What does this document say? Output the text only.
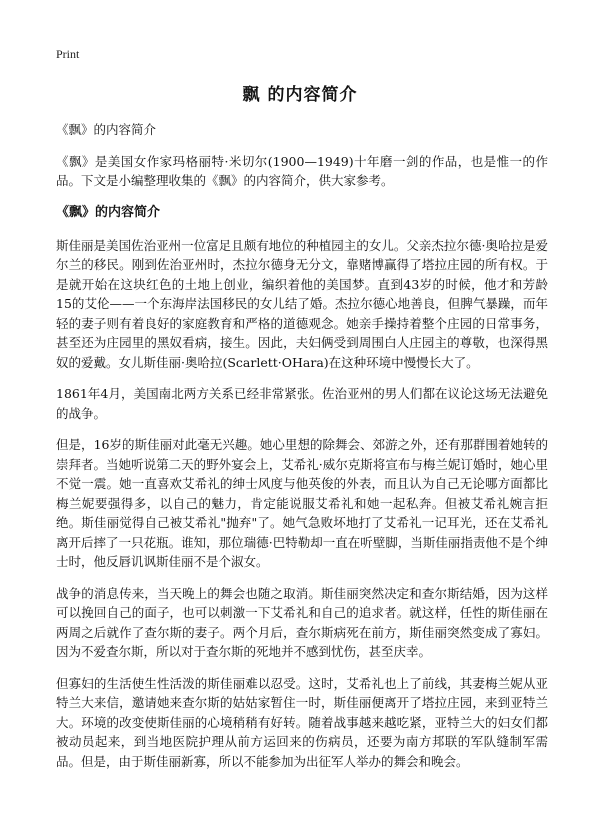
Print
飘 的内容简介

《飘》的内容简介

《飘》是美国女作家玛格丽特·米切尔(1900—1949)十年磨一剑的作品，也是惟一的作品。下文是小编整理收集的《飘》的内容简介，供大家参考。

《飘》的内容简介

斯佳丽是美国佐治亚州一位富足且颇有地位的种植园主的女儿。父亲杰拉尔德·奥哈拉是爱尔兰的移民。刚到佐治亚州时，杰拉尔德身无分文，靠赌博赢得了塔拉庄园的所有权。于是就开始在这块红色的土地上创业，编织着他的美国梦。直到43岁的时候，他才和芳龄15的艾伦——一个东海岸法国移民的女儿结了婚。杰拉尔德心地善良，但脾气暴躁，而年轻的妻子则有着良好的家庭教育和严格的道德观念。她亲手操持着整个庄园的日常事务，甚至还为庄园里的黑奴看病，接生。因此，夫妇俩受到周围白人庄园主的尊敬，也深得黑奴的爱戴。女儿斯佳丽·奥哈拉(Scarlett·OHara)在这种环境中慢慢长大了。

1861年4月，美国南北两方关系已经非常紧张。佐治亚州的男人们都在议论这场无法避免的战争。

但是，16岁的斯佳丽对此毫无兴趣。她心里想的除舞会、郊游之外，还有那群围着她转的崇拜者。当她听说第二天的野外宴会上，艾希礼·威尔克斯将宣布与梅兰妮订婚时，她心里不觉一震。她一直喜欢艾希礼的绅士风度与他英俊的外表，而且认为自己无论哪方面都比梅兰妮要强得多，以自己的魅力，肯定能说服艾希礼和她一起私奔。但被艾希礼婉言拒绝。斯佳丽觉得自己被艾希礼"抛弃"了。她气急败坏地打了艾希礼一记耳光，还在艾希礼离开后摔了一只花瓶。谁知，那位瑞德·巴特勒却一直在听壁脚，当斯佳丽指责他不是个绅士时，他反唇讥讽斯佳丽不是个淑女。

战争的消息传来，当天晚上的舞会也随之取消。斯佳丽突然决定和查尔斯结婚，因为这样可以挽回自己的面子，也可以刺激一下艾希礼和自己的追求者。就这样，任性的斯佳丽在两周之后就作了查尔斯的妻子。两个月后，查尔斯病死在前方，斯佳丽突然变成了寡妇。因为不爱查尔斯，所以对于查尔斯的死地并不感到忧伤，甚至庆幸。

但寡妇的生活使生性活泼的斯佳丽难以忍受。这时，艾希礼也上了前线，其妻梅兰妮从亚特兰大来信，邀请她来查尔斯的姑姑家暂住一时，斯佳丽便离开了塔拉庄园，来到亚特兰大。环境的改变使斯佳丽的心境稍稍有好转。随着战事越来越吃紧，亚特兰大的妇女们都被动员起来，到当地医院护理从前方运回来的伤病员，还要为南方邦联的军队缝制军需品。但是，由于斯佳丽新寡，所以不能参加为出征军人举办的舞会和晚会。
